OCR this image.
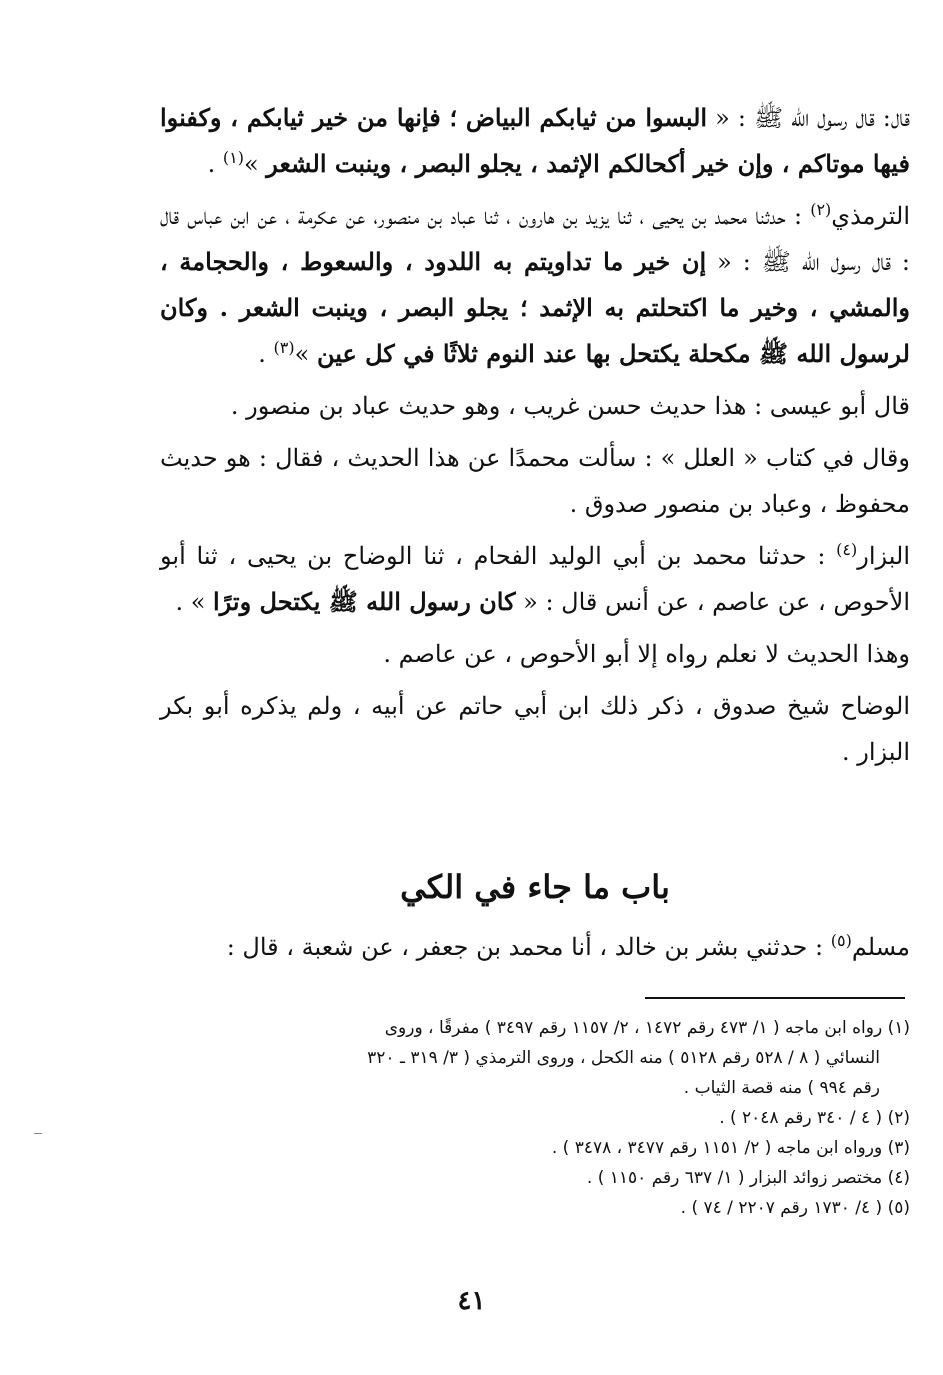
قال: قال رسول الله ﷺ : « البسوا من ثيابكم البياض ؛ فإنها من خير ثيابكم ، وكفنوا فيها موتاكم ، وإن خير أكحالكم الإثمد ، يجلو البصر ، وينبت الشعر »$^{(١)}$ .

الترمذي$^{(٢)}$ : حدثنا محمد بن يحيى ، ثنا يزيد بن هارون ، ثنا عباد بن منصور، عن عكرمة ، عن ابن عباس قال : قال رسول الله ﷺ : « إن خير ما تداويتم به اللدود ، والسعوط ، والحجامة ، والمشي ، وخير ما اكتحلتم به الإثمد ؛ يجلو البصر ، وينبت الشعر . وكان لرسول الله ﷺ مكحلة يكتحل بها عند النوم ثلاثًا في كل عين »$^{(٣)}$ .

قال أبو عيسى : هذا حديث حسن غريب ، وهو حديث عباد بن منصور .

وقال في كتاب « العلل » : سألت محمدًا عن هذا الحديث ، فقال : هو حديث محفوظ ، وعباد بن منصور صدوق .

البزار$^{(٤)}$ : حدثنا محمد بن أبي الوليد الفحام ، ثنا الوضاح بن يحيى ، ثنا أبو الأحوص ، عن عاصم ، عن أنس قال : « كان رسول الله ﷺ يكتحل وترًا » .

وهذا الحديث لا نعلم رواه إلا أبو الأحوص ، عن عاصم .

الوضاح شيخ صدوق ، ذكر ذلك ابن أبي حاتم عن أبيه ، ولم يذكره أبو بكر البزار .

باب ما جاء في الكي
مسلم$^{(٥)}$ : حدثني بشر بن خالد ، أنا محمد بن جعفر ، عن شعبة ، قال :

(١) رواه ابن ماجه ( ١/ ٤٧٣ رقم ١٤٧٢ ، ٢/ ١١٥٧ رقم ٣٤٩٧ ) مفرقًا ، وروى

النسائي ( ٨ / ٥٢٨ رقم ٥١٢٨ ) منه الكحل ، وروى الترمذي ( ٣/ ٣١٩ ـ ٣٢٠

رقم ٩٩٤ ) منه قصة الثياب .

(٢) ( ٤ / ٣٤٠ رقم ٢٠٤٨ ) .

(٣) ورواه ابن ماجه ( ٢/ ١١٥١ رقم ٣٤٧٧ ، ٣٤٧٨ ) .

(٤) مختصر زوائد البزار ( ١/ ٦٣٧ رقم ١١٥٠ ) .

(٥) ( ٤/ ١٧٣٠ رقم ٢٢٠٧ / ٧٤ ) .

٤١
